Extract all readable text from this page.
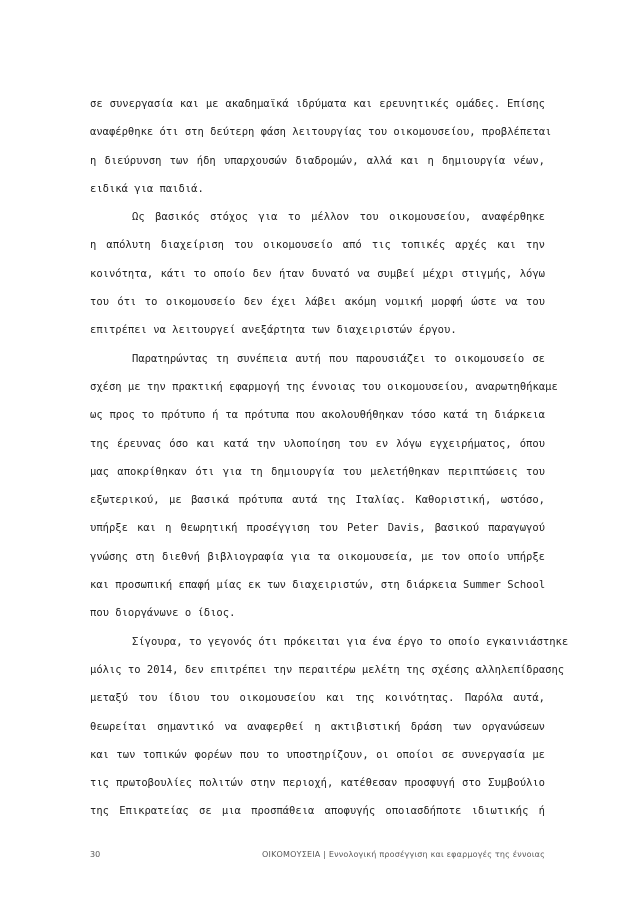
σε συνεργασία και με ακαδημαϊκά ιδρύματα και ερευνητικές ομάδες. Επίσης
αναφέρθηκε ότι στη δεύτερη φάση λειτουργίας του οικομουσείου, προβλέπεται
η διεύρυνση των ήδη υπαρχουσών διαδρομών, αλλά και η δημιουργία νέων,
ειδικά για παιδιά.
Ως βασικός στόχος για το μέλλον του οικομουσείου, αναφέρθηκε
η απόλυτη διαχείριση του οικομουσείο από τις τοπικές αρχές και την
κοινότητα, κάτι το οποίο δεν ήταν δυνατό να συμβεί μέχρι στιγμής, λόγω
του ότι το οικομουσείο δεν έχει λάβει ακόμη νομική μορφή ώστε να του
επιτρέπει να λειτουργεί ανεξάρτητα των διαχειριστών έργου.
Παρατηρώντας τη συνέπεια αυτή που παρουσιάζει το οικομουσείο σε
σχέση με την πρακτική εφαρμογή της έννοιας του οικομουσείου, αναρωτηθήκαμε
ως προς το πρότυπο ή τα πρότυπα που ακολουθήθηκαν τόσο κατά τη διάρκεια
της έρευνας όσο και κατά την υλοποίηση του εν λόγω εγχειρήματος, όπου
μας αποκρίθηκαν ότι για τη δημιουργία του μελετήθηκαν περιπτώσεις του
εξωτερικού, με βασικά πρότυπα αυτά της Ιταλίας. Καθοριστική, ωστόσο,
υπήρξε και η θεωρητική προσέγγιση του Peter Davis, βασικού παραγωγού
γνώσης στη διεθνή βιβλιογραφία για τα οικομουσεία, με τον οποίο υπήρξε
και προσωπική επαφή μίας εκ των διαχειριστών, στη διάρκεια Summer School
που διοργάνωνε ο ίδιος.
Σίγουρα, το γεγονός ότι πρόκειται για ένα έργο το οποίο εγκαινιάστηκε
μόλις το 2014, δεν επιτρέπει την περαιτέρω μελέτη της σχέσης αλληλεπίδρασης
μεταξύ του ίδιου του οικομουσείου και της κοινότητας. Παρόλα αυτά,
θεωρείται σημαντικό να αναφερθεί η ακτιβιστική δράση των οργανώσεων
και των τοπικών φορέων που το υποστηρίζουν, οι οποίοι σε συνεργασία με
τις πρωτοβουλίες πολιτών στην περιοχή, κατέθεσαν προσφυγή στο Συμβούλιο
της Επικρατείας σε μια προσπάθεια αποφυγής οποιασδήποτε ιδιωτικής ή
30	ΟΙΚΟΜΟΥΣΕΙΑ | Εννολογική προσέγγιση και εφαρμογές της έννοιας
